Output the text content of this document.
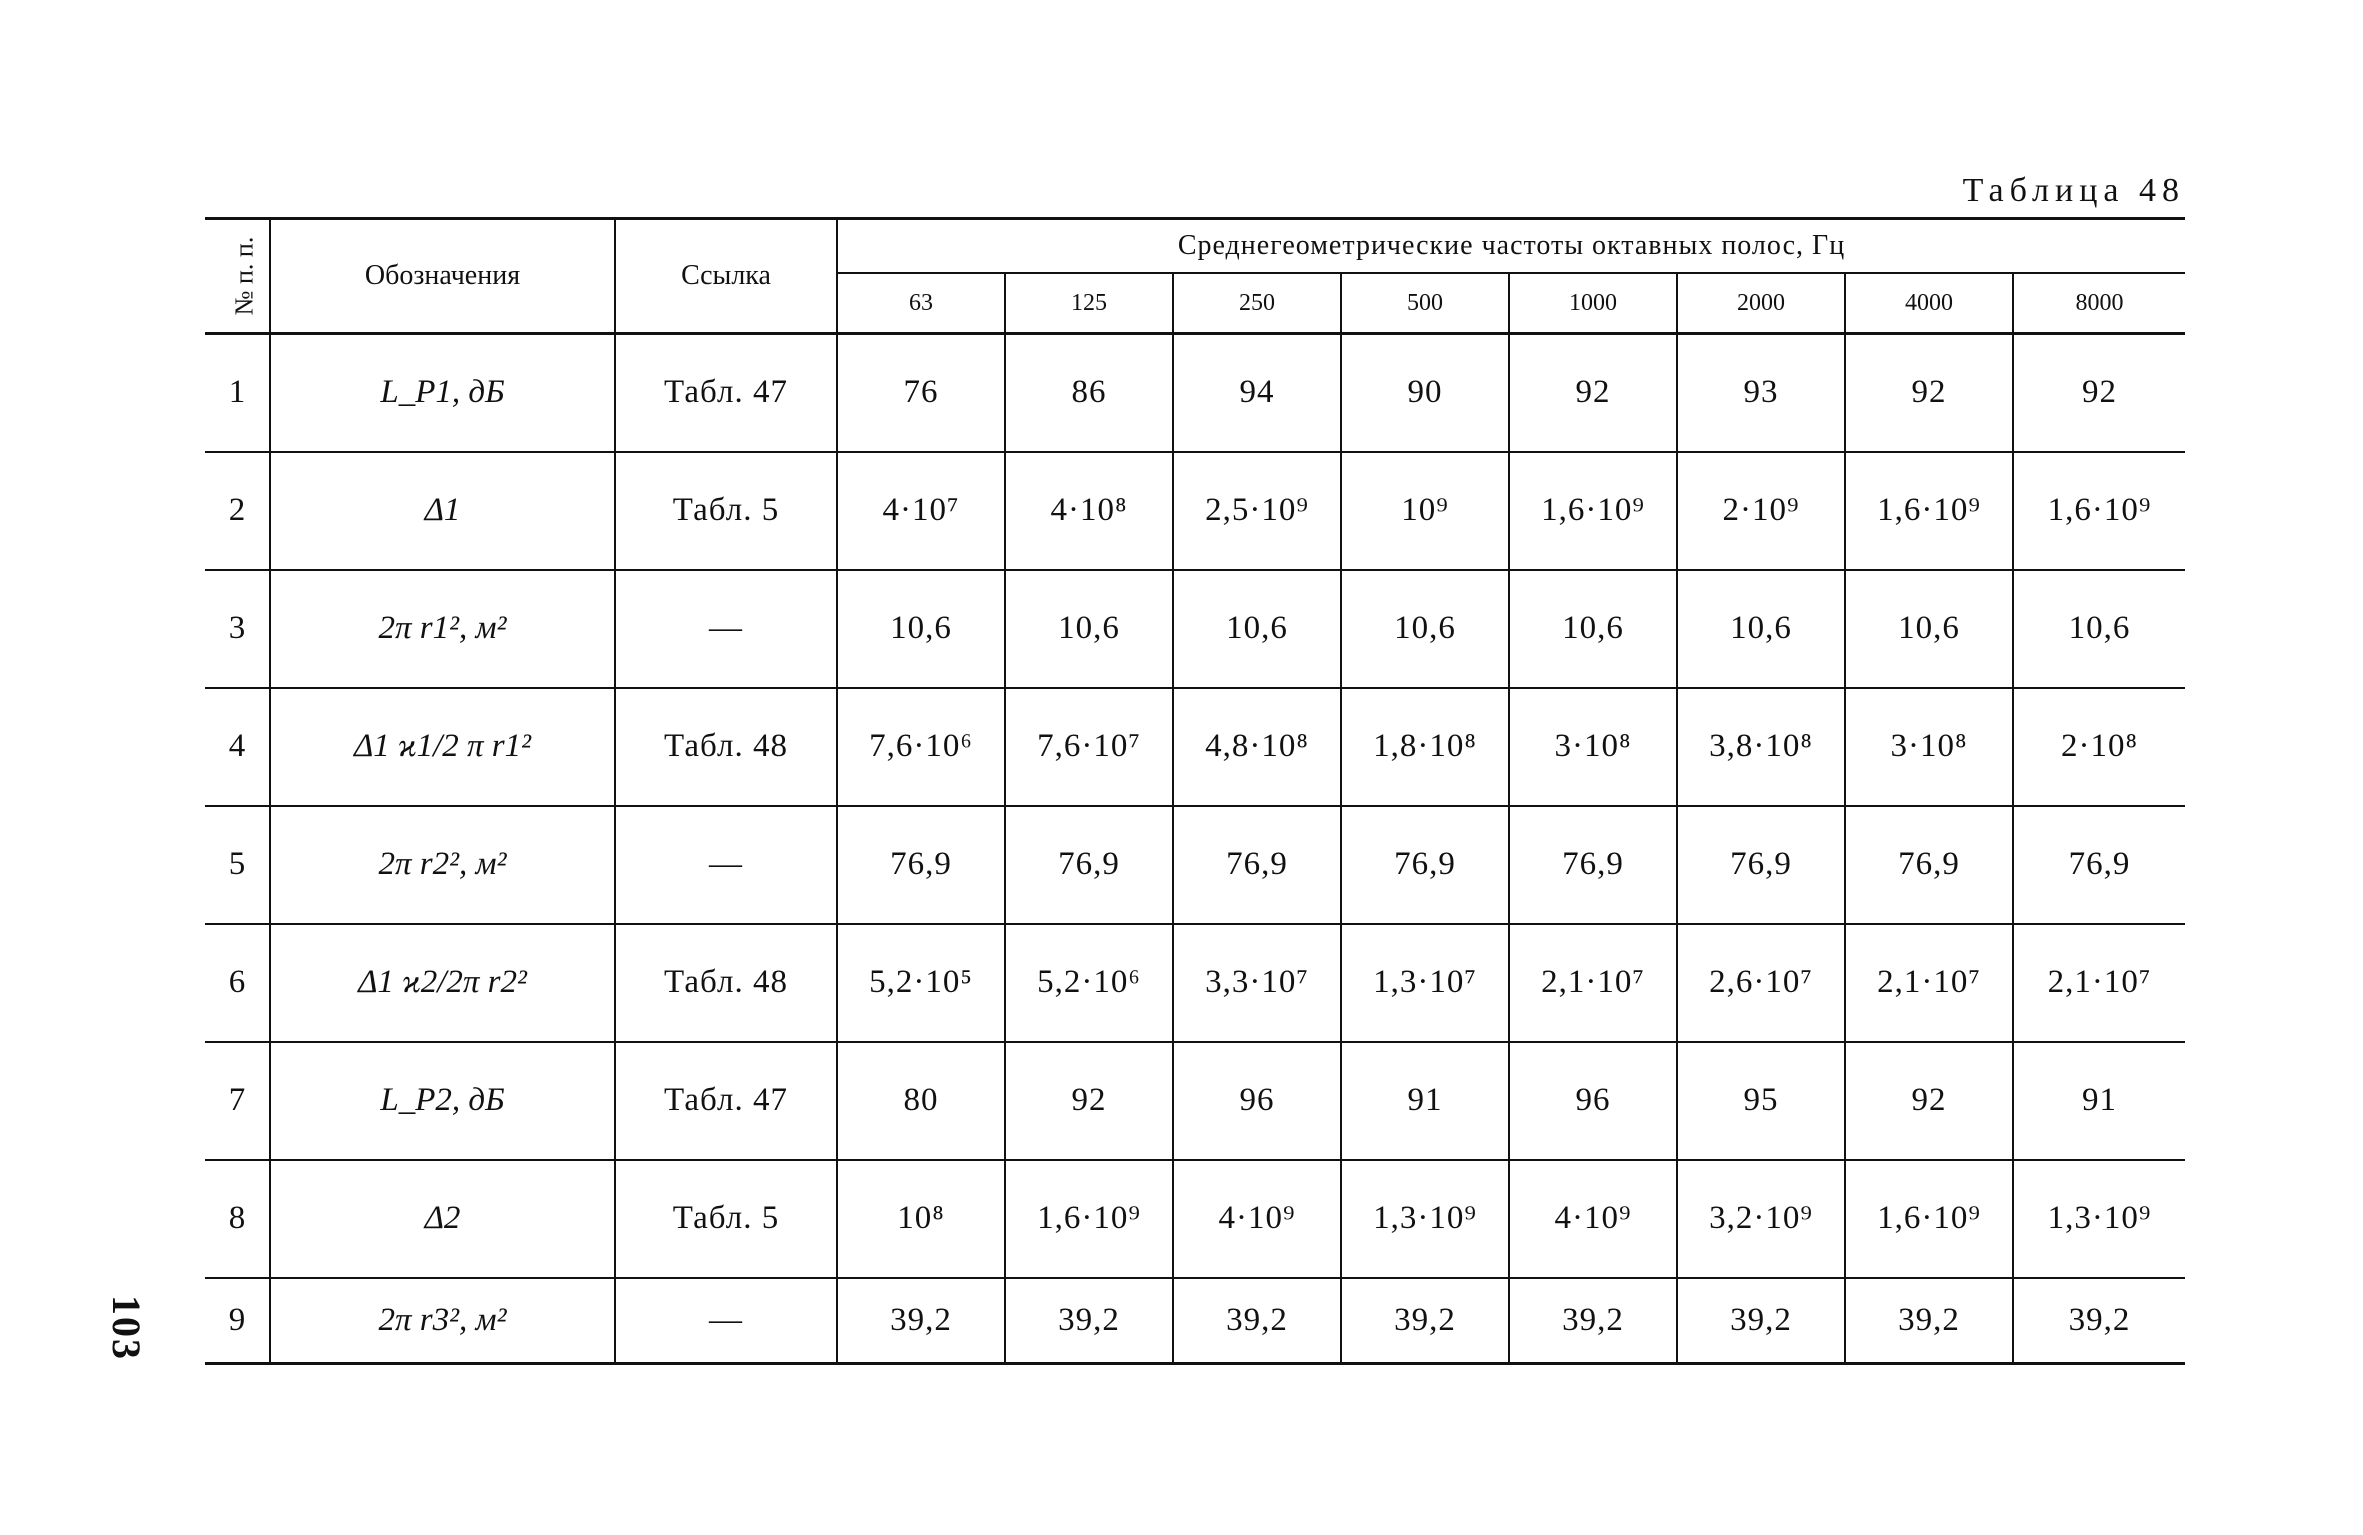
Таблица 48
103
№ п. п.	Обозначения	Ссылка	Среднегеометрические частоты октавных полос, Гц							
			63	125	250	500	1000	2000	4000	8000
1	L_P1, дБ	Табл. 47	76	86	94	90	92	93	92	92
2	Δ1	Табл. 5	4·10⁷	4·10⁸	2,5·10⁹	10⁹	1,6·10⁹	2·10⁹	1,6·10⁹	1,6·10⁹
3	2π r1², м²	—	10,6	10,6	10,6	10,6	10,6	10,6	10,6	10,6
4	Δ1 ϰ1/2 π r1²	Табл. 48	7,6·10⁶	7,6·10⁷	4,8·10⁸	1,8·10⁸	3·10⁸	3,8·10⁸	3·10⁸	2·10⁸
5	2π r2², м²	—	76,9	76,9	76,9	76,9	76,9	76,9	76,9	76,9
6	Δ1 ϰ2/2π r2²	Табл. 48	5,2·10⁵	5,2·10⁶	3,3·10⁷	1,3·10⁷	2,1·10⁷	2,6·10⁷	2,1·10⁷	2,1·10⁷
7	L_P2, дБ	Табл. 47	80	92	96	91	96	95	92	91
8	Δ2	Табл. 5	10⁸	1,6·10⁹	4·10⁹	1,3·10⁹	4·10⁹	3,2·10⁹	1,6·10⁹	1,3·10⁹
9	2π r3², м²	—	39,2	39,2	39,2	39,2	39,2	39,2	39,2	39,2
